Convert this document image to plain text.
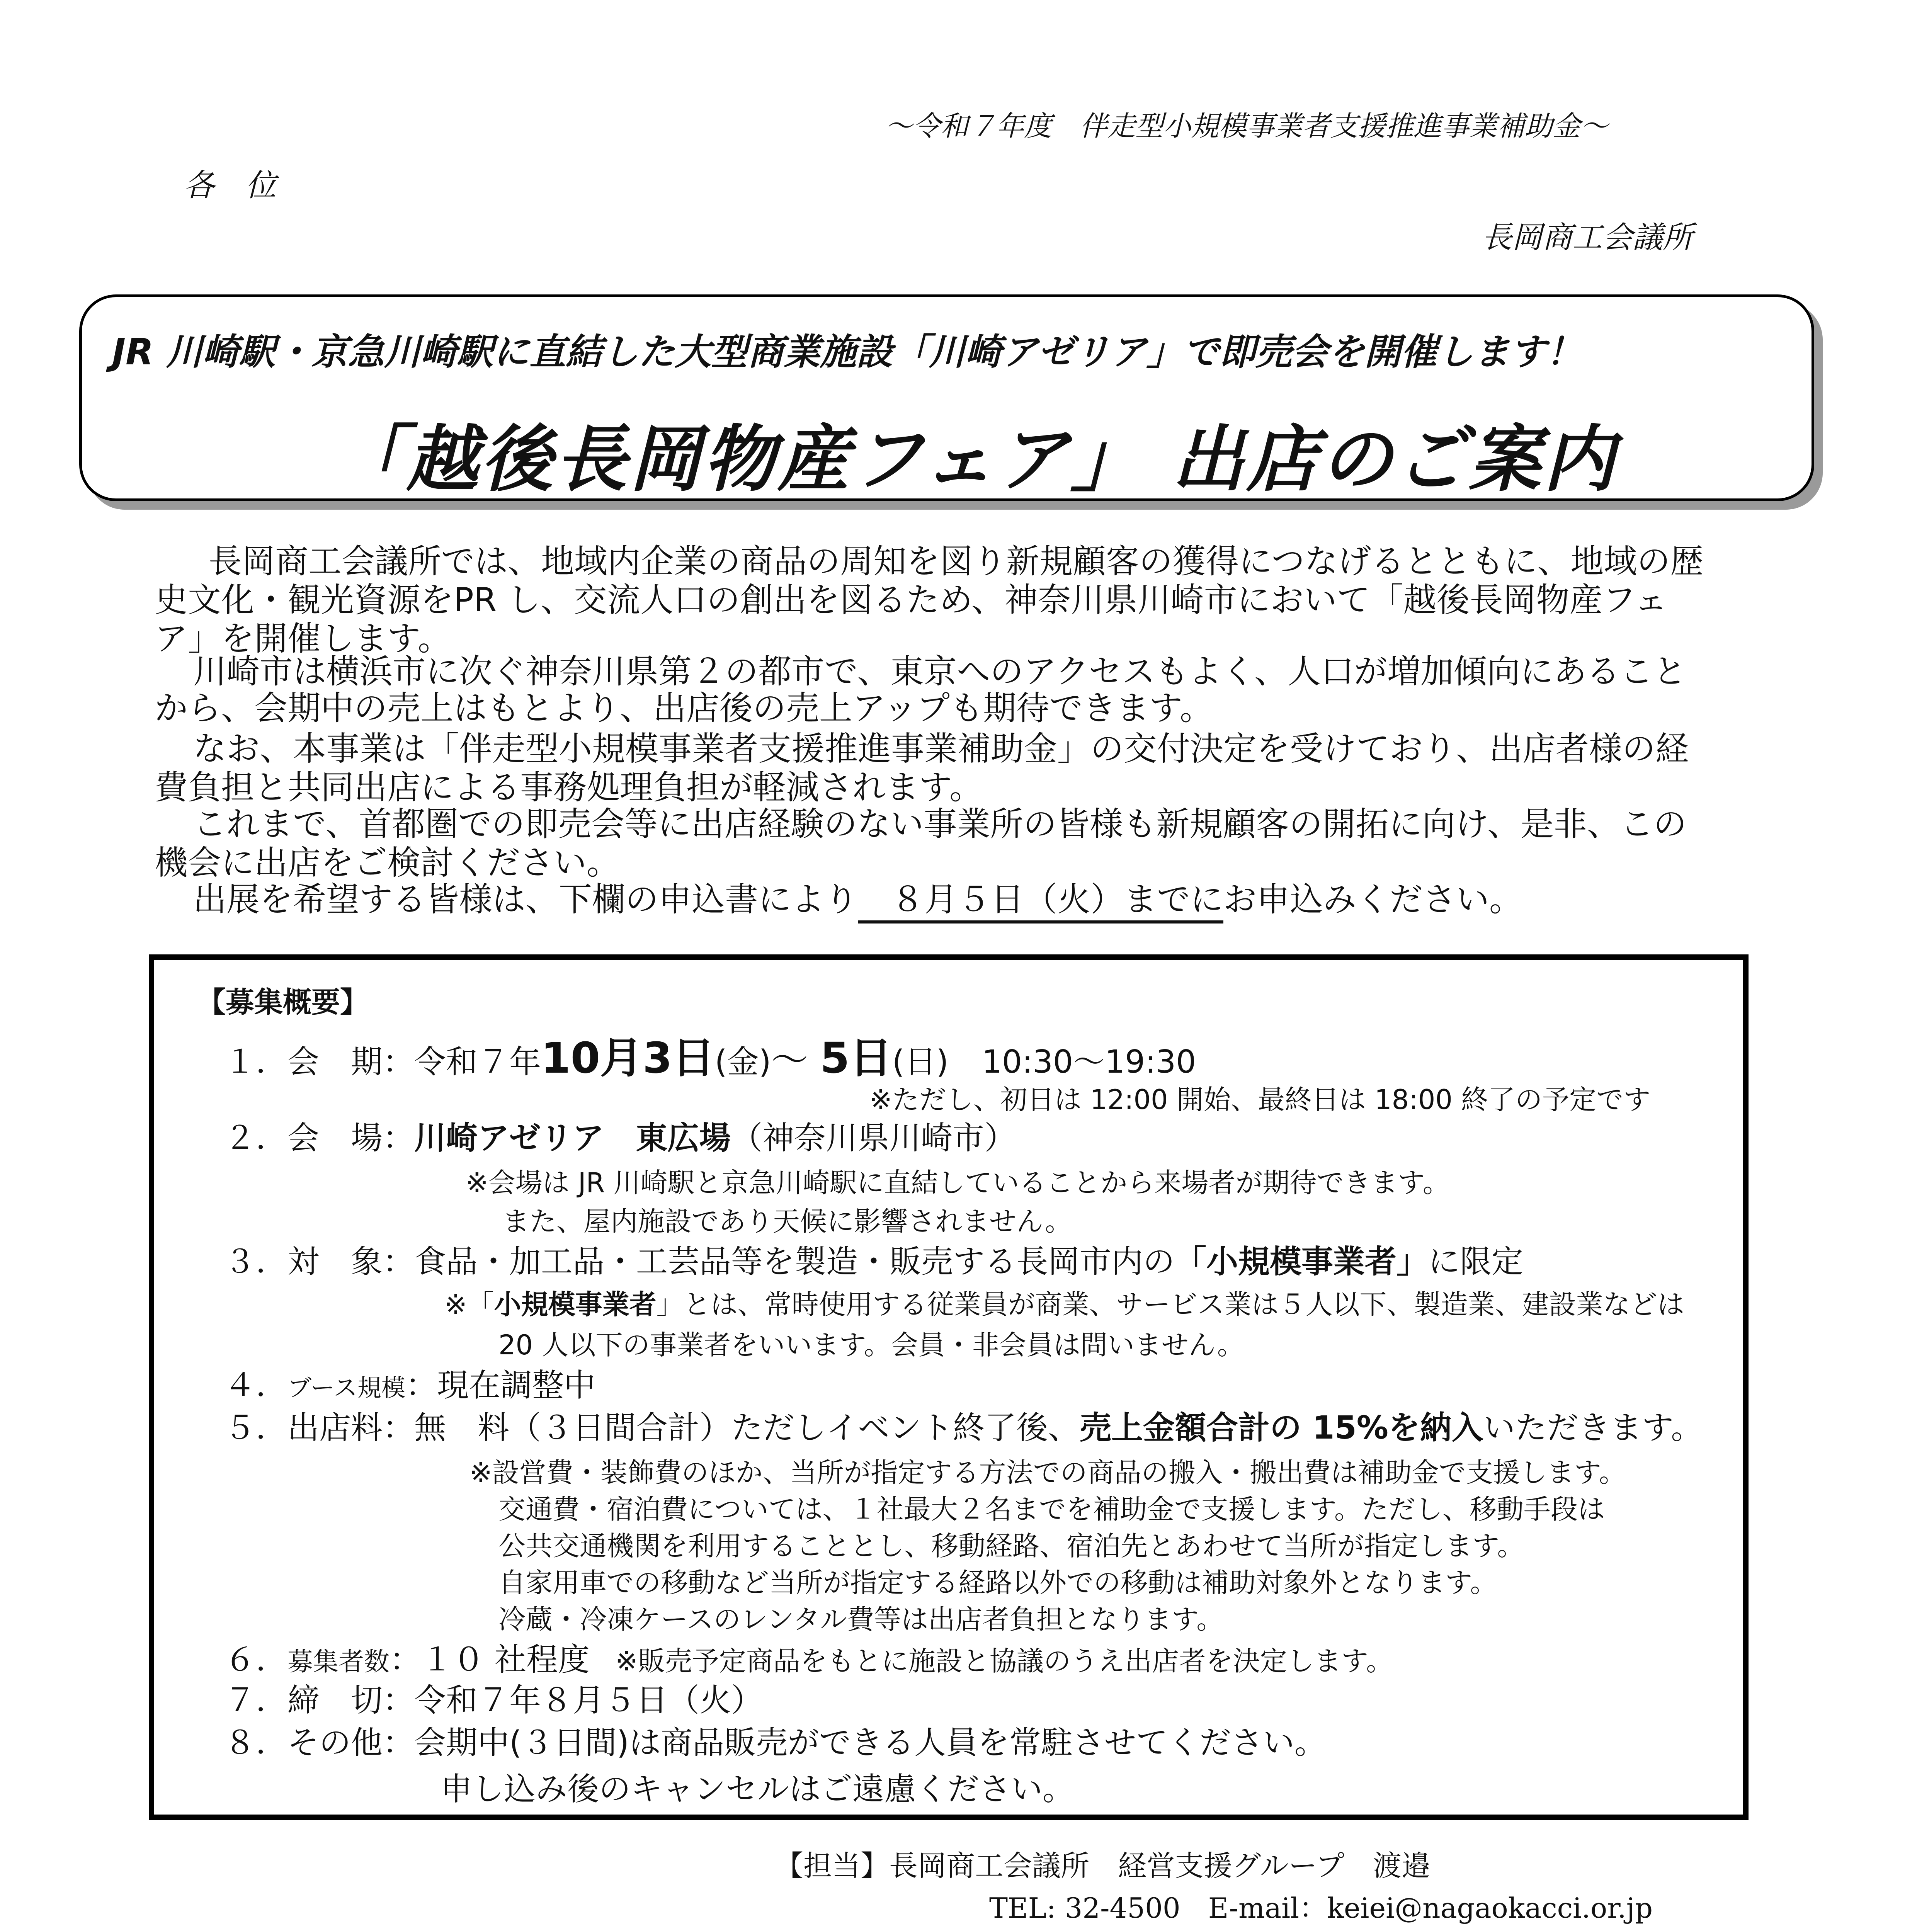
～令和７年度　伴走型小規模事業者支援推進事業補助金～

各　位

長岡商工会議所

JR 川崎駅・京急川崎駅に直結した大型商業施設「川崎アゼリア」で即売会を開催します！

「越後長岡物産フェア」 出店のご案内

長岡商工会議所では、地域内企業の商品の周知を図り新規顧客の獲得につなげるとともに、地域の歴

史文化・観光資源をPR し、交流人口の創出を図るため、神奈川県川崎市において「越後長岡物産フェ

ア」を開催します。

川崎市は横浜市に次ぐ神奈川県第２の都市で、東京へのアクセスもよく、人口が増加傾向にあること

から、会期中の売上はもとより、出店後の売上アップも期待できます。

なお、本事業は「伴走型小規模事業者支援推進事業補助金」の交付決定を受けており、出店者様の経

費負担と共同出店による事務処理負担が軽減されます。

これまで、首都圏での即売会等に出店経験のない事業所の皆様も新規顧客の開拓に向け、是非、この

機会に出店をご検討ください。

出展を希望する皆様は、下欄の申込書により　８月５日（火）までにお申込みください。

【募集概要】

１．会　期：令和７年10月3日(金)～ 5日(日) 10:30～19:30

※ただし、初日は 12:00 開始、最終日は 18:00 終了の予定です

２．会　場：川崎アゼリア　東広場（神奈川県川崎市）

※会場は JR 川崎駅と京急川崎駅に直結していることから来場者が期待できます。

また、屋内施設であり天候に影響されません。

３．対　象：食品・加工品・工芸品等を製造・販売する長岡市内の「小規模事業者」に限定

※「小規模事業者」とは、常時使用する従業員が商業、サービス業は５人以下、製造業、建設業などは

20 人以下の事業者をいいます。会員・非会員は問いません。

４．ブース規模：現在調整中

５．出店料：無　料（３日間合計）ただしイベント終了後、売上金額合計の 15%を納入いただきます。

※設営費・装飾費のほか、当所が指定する方法での商品の搬入・搬出費は補助金で支援します。

交通費・宿泊費については、１社最大２名までを補助金で支援します。ただし、移動手段は

公共交通機関を利用することとし、移動経路、宿泊先とあわせて当所が指定します。

自家用車での移動など当所が指定する経路以外での移動は補助対象外となります。

冷蔵・冷凍ケースのレンタル費等は出店者負担となります。

６．募集者数：１０ 社程度 ※販売予定商品をもとに施設と協議のうえ出店者を決定します。

７．締　切：令和７年８月５日（火）

８．その他：会期中(３日間)は商品販売ができる人員を常駐させてください。

申し込み後のキャンセルはご遠慮ください。

【担当】長岡商工会議所　経営支援グループ　渡邉

TEL: 32-4500　E-mail：keiei@nagaokacci.or.jp
